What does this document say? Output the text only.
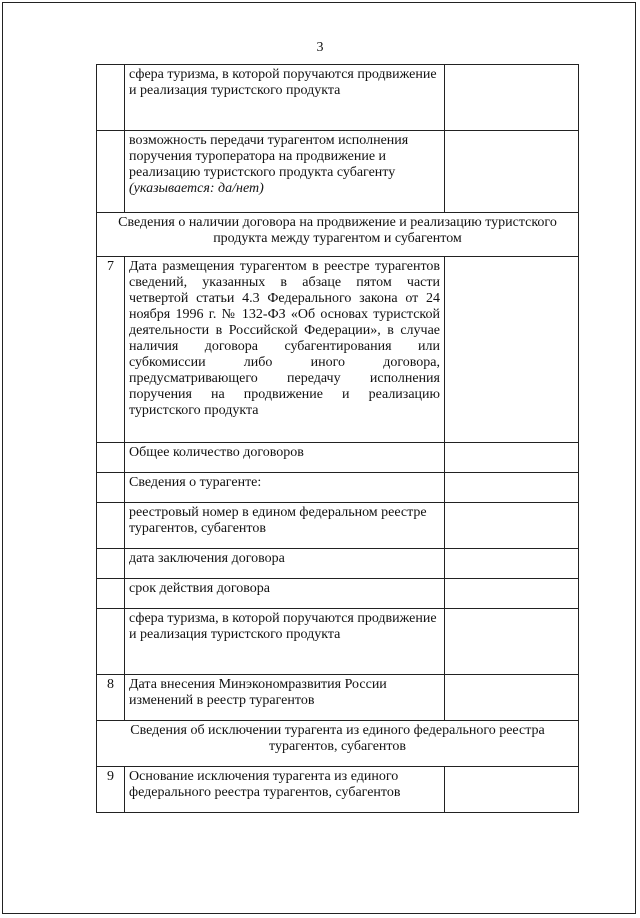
3
	сфера туризма, в которой поручаются продвижение и реализация туристского продукта	
	возможность передачи турагентом исполнения поручения туроператора на продвижение и реализацию туристского продукта субагенту (указывается: да/нет)	
Сведения о наличии договора на продвижение и реализацию туристского продукта между турагентом и субагентом		
7	Дата размещения турагентом в реестре турагентов сведений, указанных в абзаце пятом части четвертой статьи 4.3 Федерального закона от 24 ноября 1996 г. № 132-ФЗ «Об основах туристской деятельности в Российской Федерации», в случае наличия договора субагентирования или субкомиссии либо иного договора, предусматривающего передачу исполнения поручения на продвижение и реализацию туристского продукта	
	Общее количество договоров	
	Сведения о турагенте:	
	реестровый номер в едином федеральном реестре турагентов, субагентов	
	дата заключения договора	
	срок действия договора	
	сфера туризма, в которой поручаются продвижение и реализация туристского продукта	
8	Дата внесения Минэкономразвития России изменений в реестр турагентов	
Сведения об исключении турагента из единого федерального реестра турагентов, субагентов		
9	Основание исключения турагента из единого федерального реестра турагентов, субагентов	
